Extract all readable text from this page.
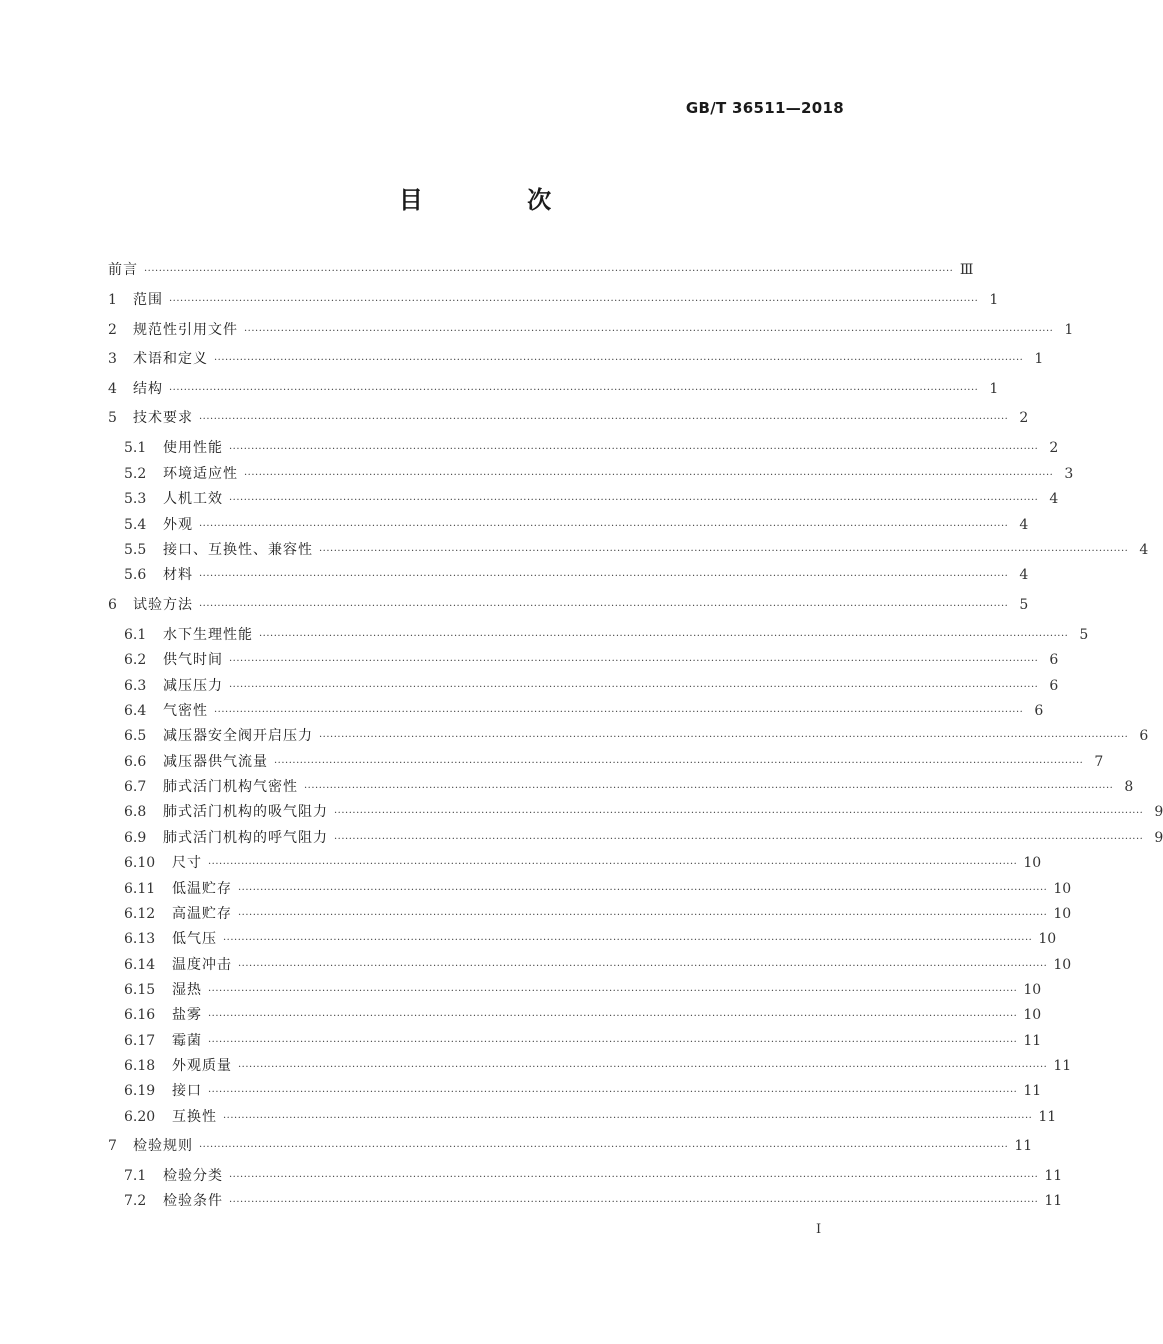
GB/T 36511—2018
目 次
前言 ···························································································································································································································· Ⅲ
1	范围 ···························································································································································································································· 1
2	规范性引用文件 ···························································································································································································································· 1
3	术语和定义 ···························································································································································································································· 1
4	结构 ···························································································································································································································· 1
5	技术要求 ···························································································································································································································· 2
5.1	使用性能 ···························································································································································································································· 2
5.2	环境适应性 ···························································································································································································································· 3
5.3	人机工效 ···························································································································································································································· 4
5.4	外观 ···························································································································································································································· 4
5.5	接口、互换性、兼容性 ···························································································································································································································· 4
5.6	材料 ···························································································································································································································· 4
6	试验方法 ···························································································································································································································· 5
6.1	水下生理性能 ···························································································································································································································· 5
6.2	供气时间 ···························································································································································································································· 6
6.3	减压压力 ···························································································································································································································· 6
6.4	气密性 ···························································································································································································································· 6
6.5	减压器安全阀开启压力 ···························································································································································································································· 6
6.6	减压器供气流量 ···························································································································································································································· 7
6.7	肺式活门机构气密性 ···························································································································································································································· 8
6.8	肺式活门机构的吸气阻力 ···························································································································································································································· 9
6.9	肺式活门机构的呼气阻力 ···························································································································································································································· 9
6.10	尺寸 ···························································································································································································································· 10
6.11	低温贮存 ···························································································································································································································· 10
6.12	高温贮存 ···························································································································································································································· 10
6.13	低气压 ···························································································································································································································· 10
6.14	温度冲击 ···························································································································································································································· 10
6.15	湿热 ···························································································································································································································· 10
6.16	盐雾 ···························································································································································································································· 10
6.17	霉菌 ···························································································································································································································· 11
6.18	外观质量 ···························································································································································································································· 11
6.19	接口 ···························································································································································································································· 11
6.20	互换性 ···························································································································································································································· 11
7	检验规则 ···························································································································································································································· 11
7.1	检验分类 ···························································································································································································································· 11
7.2	检验条件 ···························································································································································································································· 11
I
